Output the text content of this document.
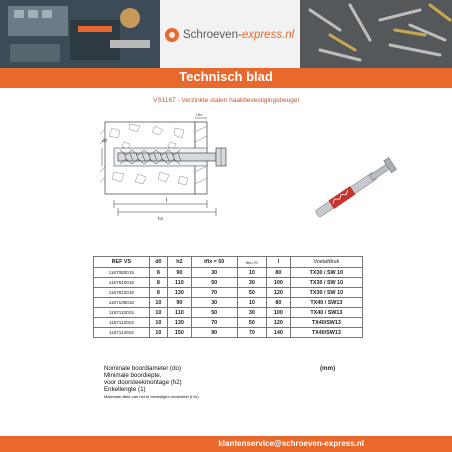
Schroeven-express.nl
Technisch blad
VS1167 - Verzinkte stalen haakbevestigingsbeugel
d0
l
h2
t fix
REF VS	d0	h2	tfix = 50	tfix=70	l	Voetafdruk
1167080015	8	90	30	10	80	TX30 / SW 10
1167810015	8	110	50	30	100	TX30 / SW 10
1167812015	8	130	70	50	120	TX30 / SW 10
1167108015	10	90	30	10	80	TX40 / SW13
1167110015	10	110	50	30	100	TX40 / SW13
1167112015	10	130	70	50	120	TX40/SW13
1167114015	10	150	90	70	140	TX40/SW13
Nominale boordiameter (do)
Minimale boordiepte.
voor doorsteekmontage (h2)
Enkellengte (1)
Maximale dikte van het te bevestigen onderdeel (t fix)
(mm)
klantenservice@schroeven-express.nl
